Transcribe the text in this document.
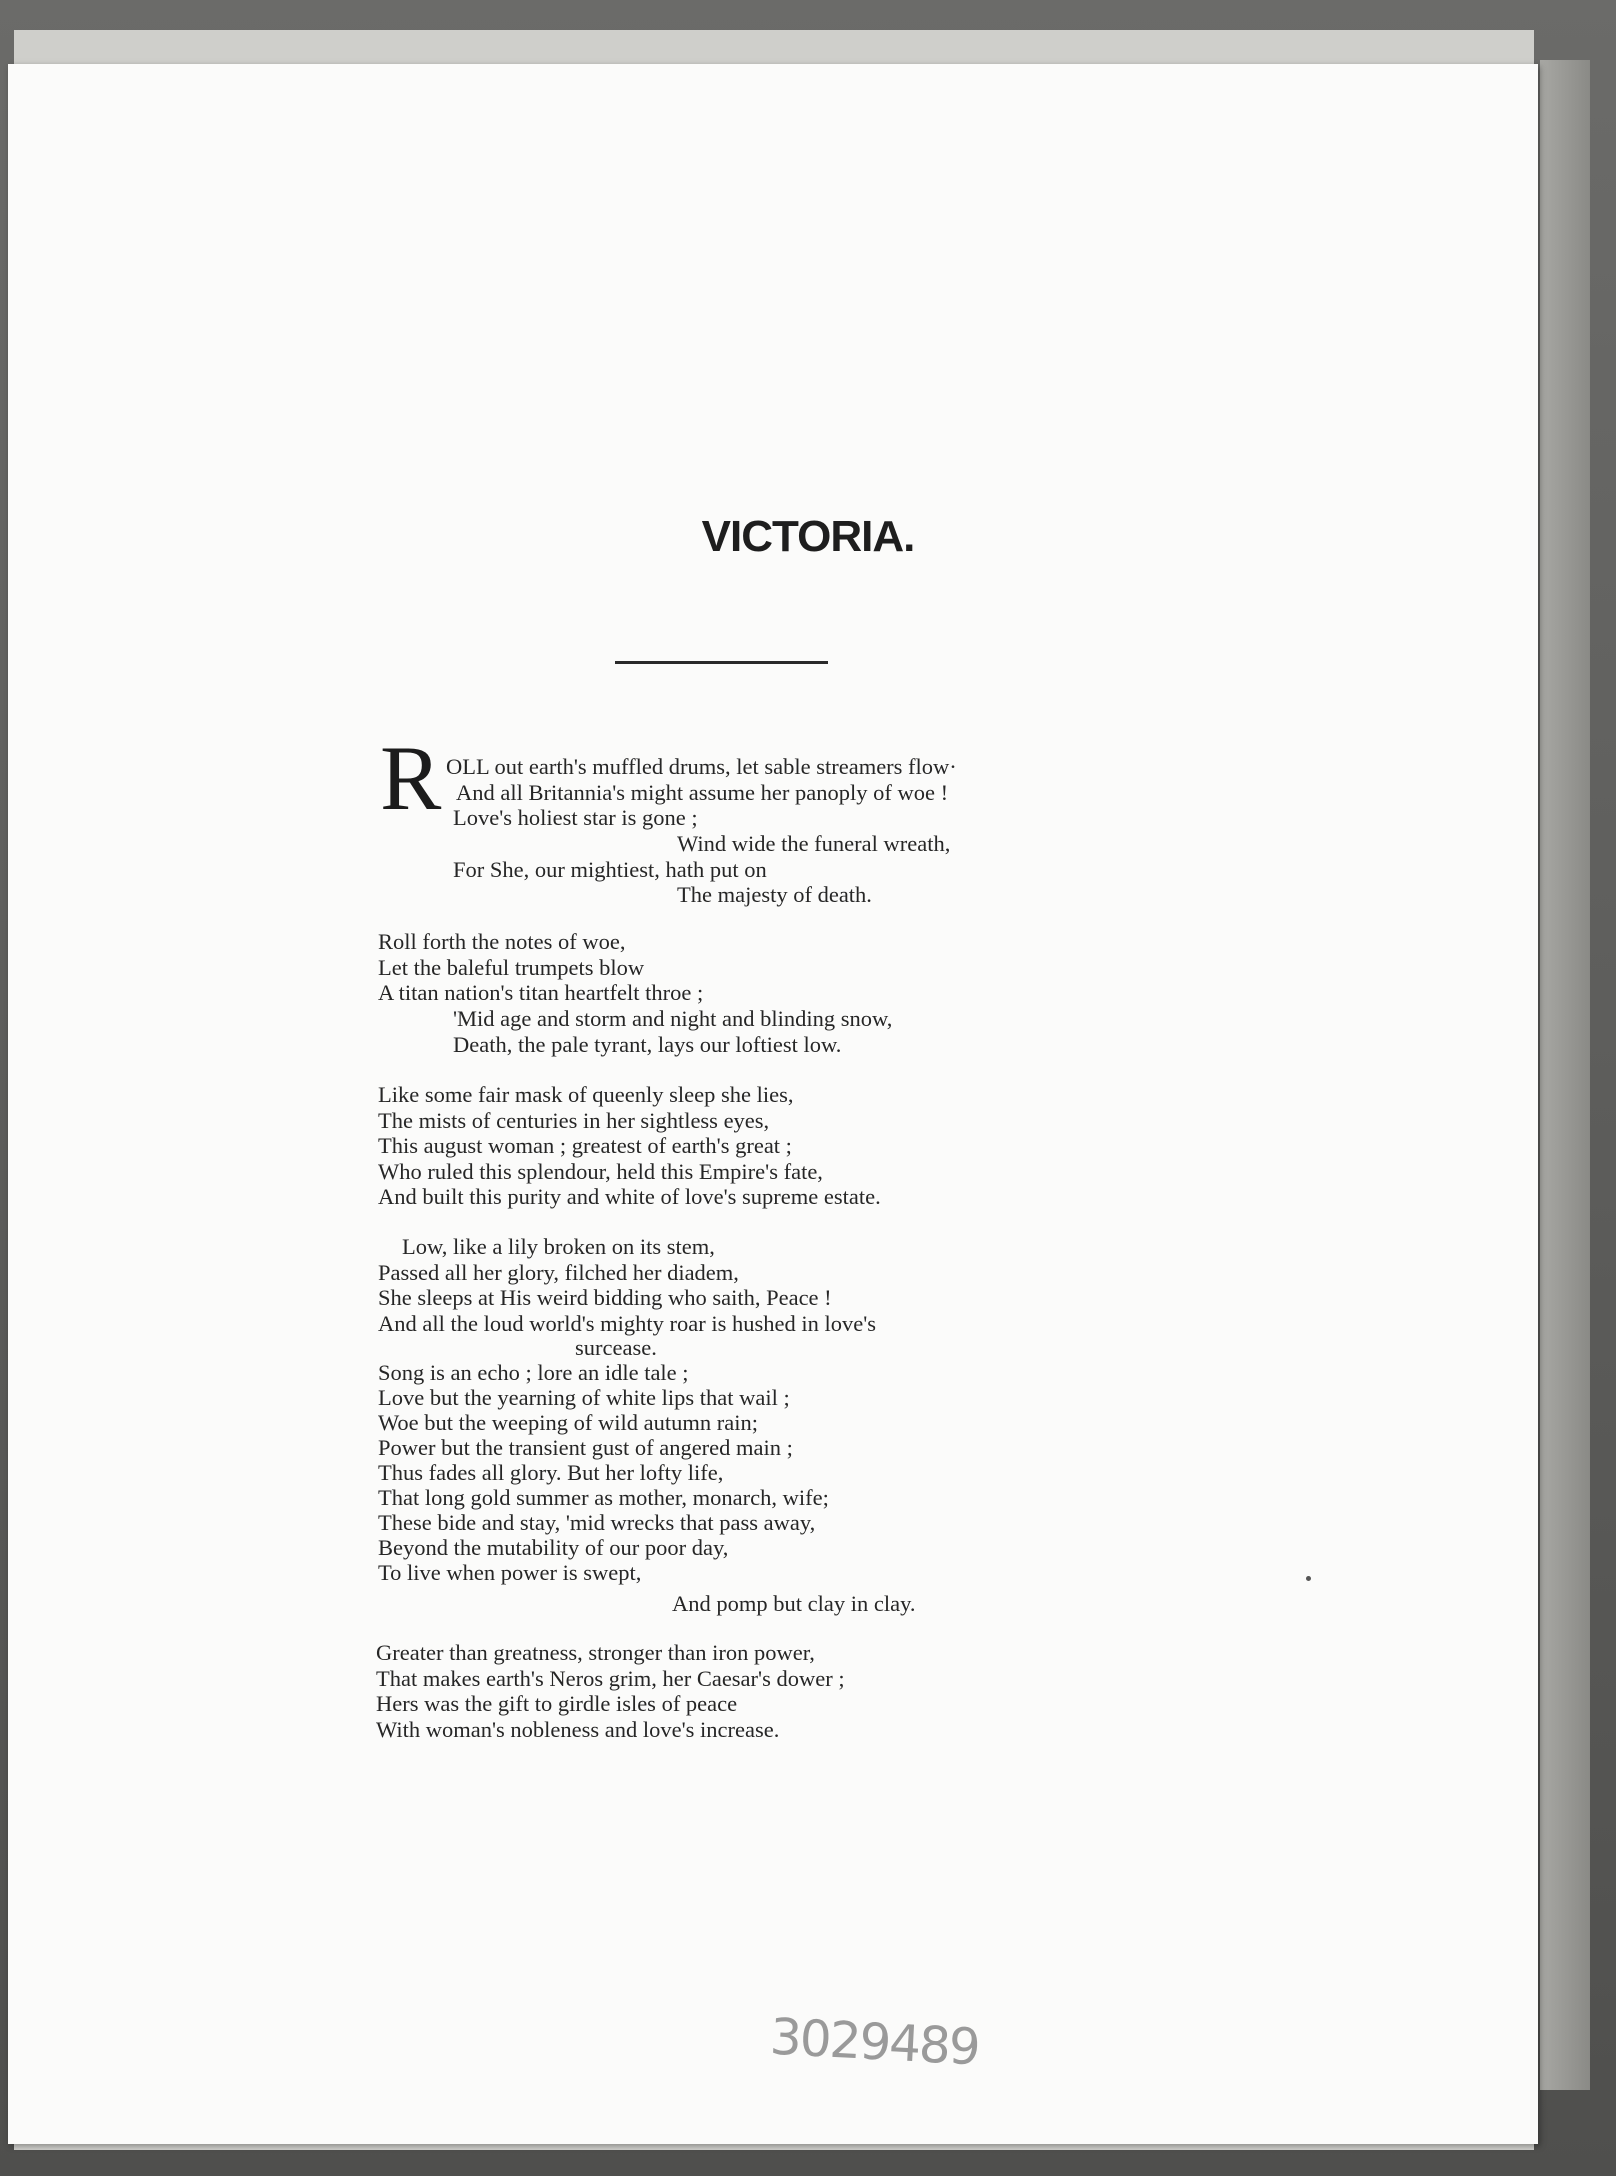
VICTORIA.
R OLL out earth's muffled drums, let sable streamers flow·
And all Britannia's might assume her panoply of woe !
Love's holiest star is gone ;
Wind wide the funeral wreath,
For She, our mightiest, hath put on
The majesty of death.
Roll forth the notes of woe,
Let the baleful trumpets blow
A titan nation's titan heartfelt throe ;
'Mid age and storm and night and blinding snow,
Death, the pale tyrant, lays our loftiest low.
Like some fair mask of queenly sleep she lies,
The mists of centuries in her sightless eyes,
This august woman ; greatest of earth's great ;
Who ruled this splendour, held this Empire's fate,
And built this purity and white of love's supreme estate.
Low, like a lily broken on its stem,
Passed all her glory, filched her diadem,
She sleeps at His weird bidding who saith, Peace !
And all the loud world's mighty roar is hushed in love's
surcease.
Song is an echo ; lore an idle tale ;
Love but the yearning of white lips that wail ;
Woe but the weeping of wild autumn rain;
Power but the transient gust of angered main ;
Thus fades all glory. But her lofty life,
That long gold summer as mother, monarch, wife;
These bide and stay, 'mid wrecks that pass away,
Beyond the mutability of our poor day,
To live when power is swept,
And pomp but clay in clay.
Greater than greatness, stronger than iron power,
That makes earth's Neros grim, her Caesar's dower ;
Hers was the gift to girdle isles of peace
With woman's nobleness and love's increase.
3029489
